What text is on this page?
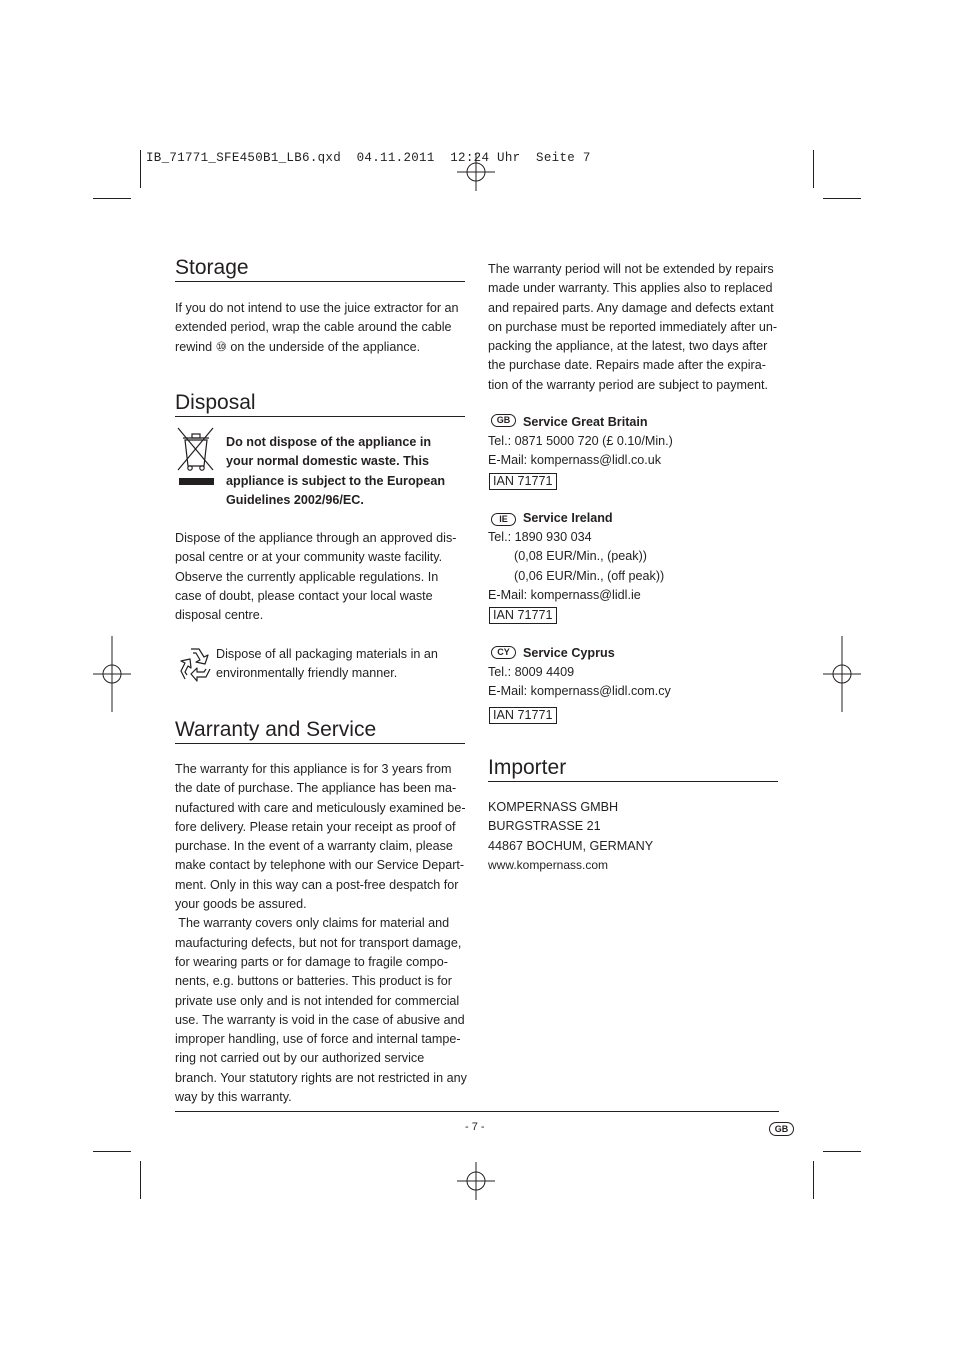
IB_71771_SFE450B1_LB6.qxd  04.11.2011  12:24 Uhr  Seite 7
Storage
If you do not intend to use the juice extractor for an
extended period, wrap the cable around the cable
rewind ⑩ on the underside of the appliance.
Disposal
Do not dispose of the appliance in
your normal domestic waste. This
appliance is subject to the European
Guidelines 2002/96/EC.
Dispose of the appliance through an approved dis-
posal centre or at your community waste facility.
Observe the currently applicable regulations. In
case of doubt, please contact your local waste
disposal centre.
Dispose of all packaging materials in an
environmentally friendly manner.
Warranty and Service
The warranty for this appliance is for 3 years from
the date of purchase. The appliance has been ma-
nufactured with care and meticulously examined be-
fore delivery. Please retain your receipt as proof of
purchase. In the event of a warranty claim, please
make contact by telephone with our Service Depart-
ment. Only in this way can a post-free despatch for
your goods be assured.
The warranty covers only claims for material and
maufacturing defects, but not for transport damage,
for wearing parts or for damage to fragile compo-
nents, e.g. buttons or batteries. This product is for
private use only and is not intended for commercial
use. The warranty is void in the case of abusive and
improper handling, use of force and internal tampe-
ring not carried out by our authorized service
branch. Your statutory rights are not restricted in any
way by this warranty.
The warranty period will not be extended by repairs
made under warranty. This applies also to replaced
and repaired parts. Any damage and defects extant
on purchase must be reported immediately after un-
packing the appliance, at the latest, two days after
the purchase date. Repairs made after the expira-
tion of the warranty period are subject to payment.
GB	Service Great Britain
Tel.: 0871 5000 720 (£ 0.10/Min.)
E-Mail: kompernass@lidl.co.uk
IAN 71771
IE	Service Ireland
Tel.: 1890 930 034
(0,08 EUR/Min., (peak))
(0,06 EUR/Min., (off peak))
E-Mail: kompernass@lidl.ie
IAN 71771
CY	Service Cyprus
Tel.: 8009 4409
E-Mail: kompernass@lidl.com.cy
IAN 71771
Importer
KOMPERNASS GMBH
BURGSTRASSE 21
44867 BOCHUM, GERMANY
www.kompernass.com
- 7 -	GB
